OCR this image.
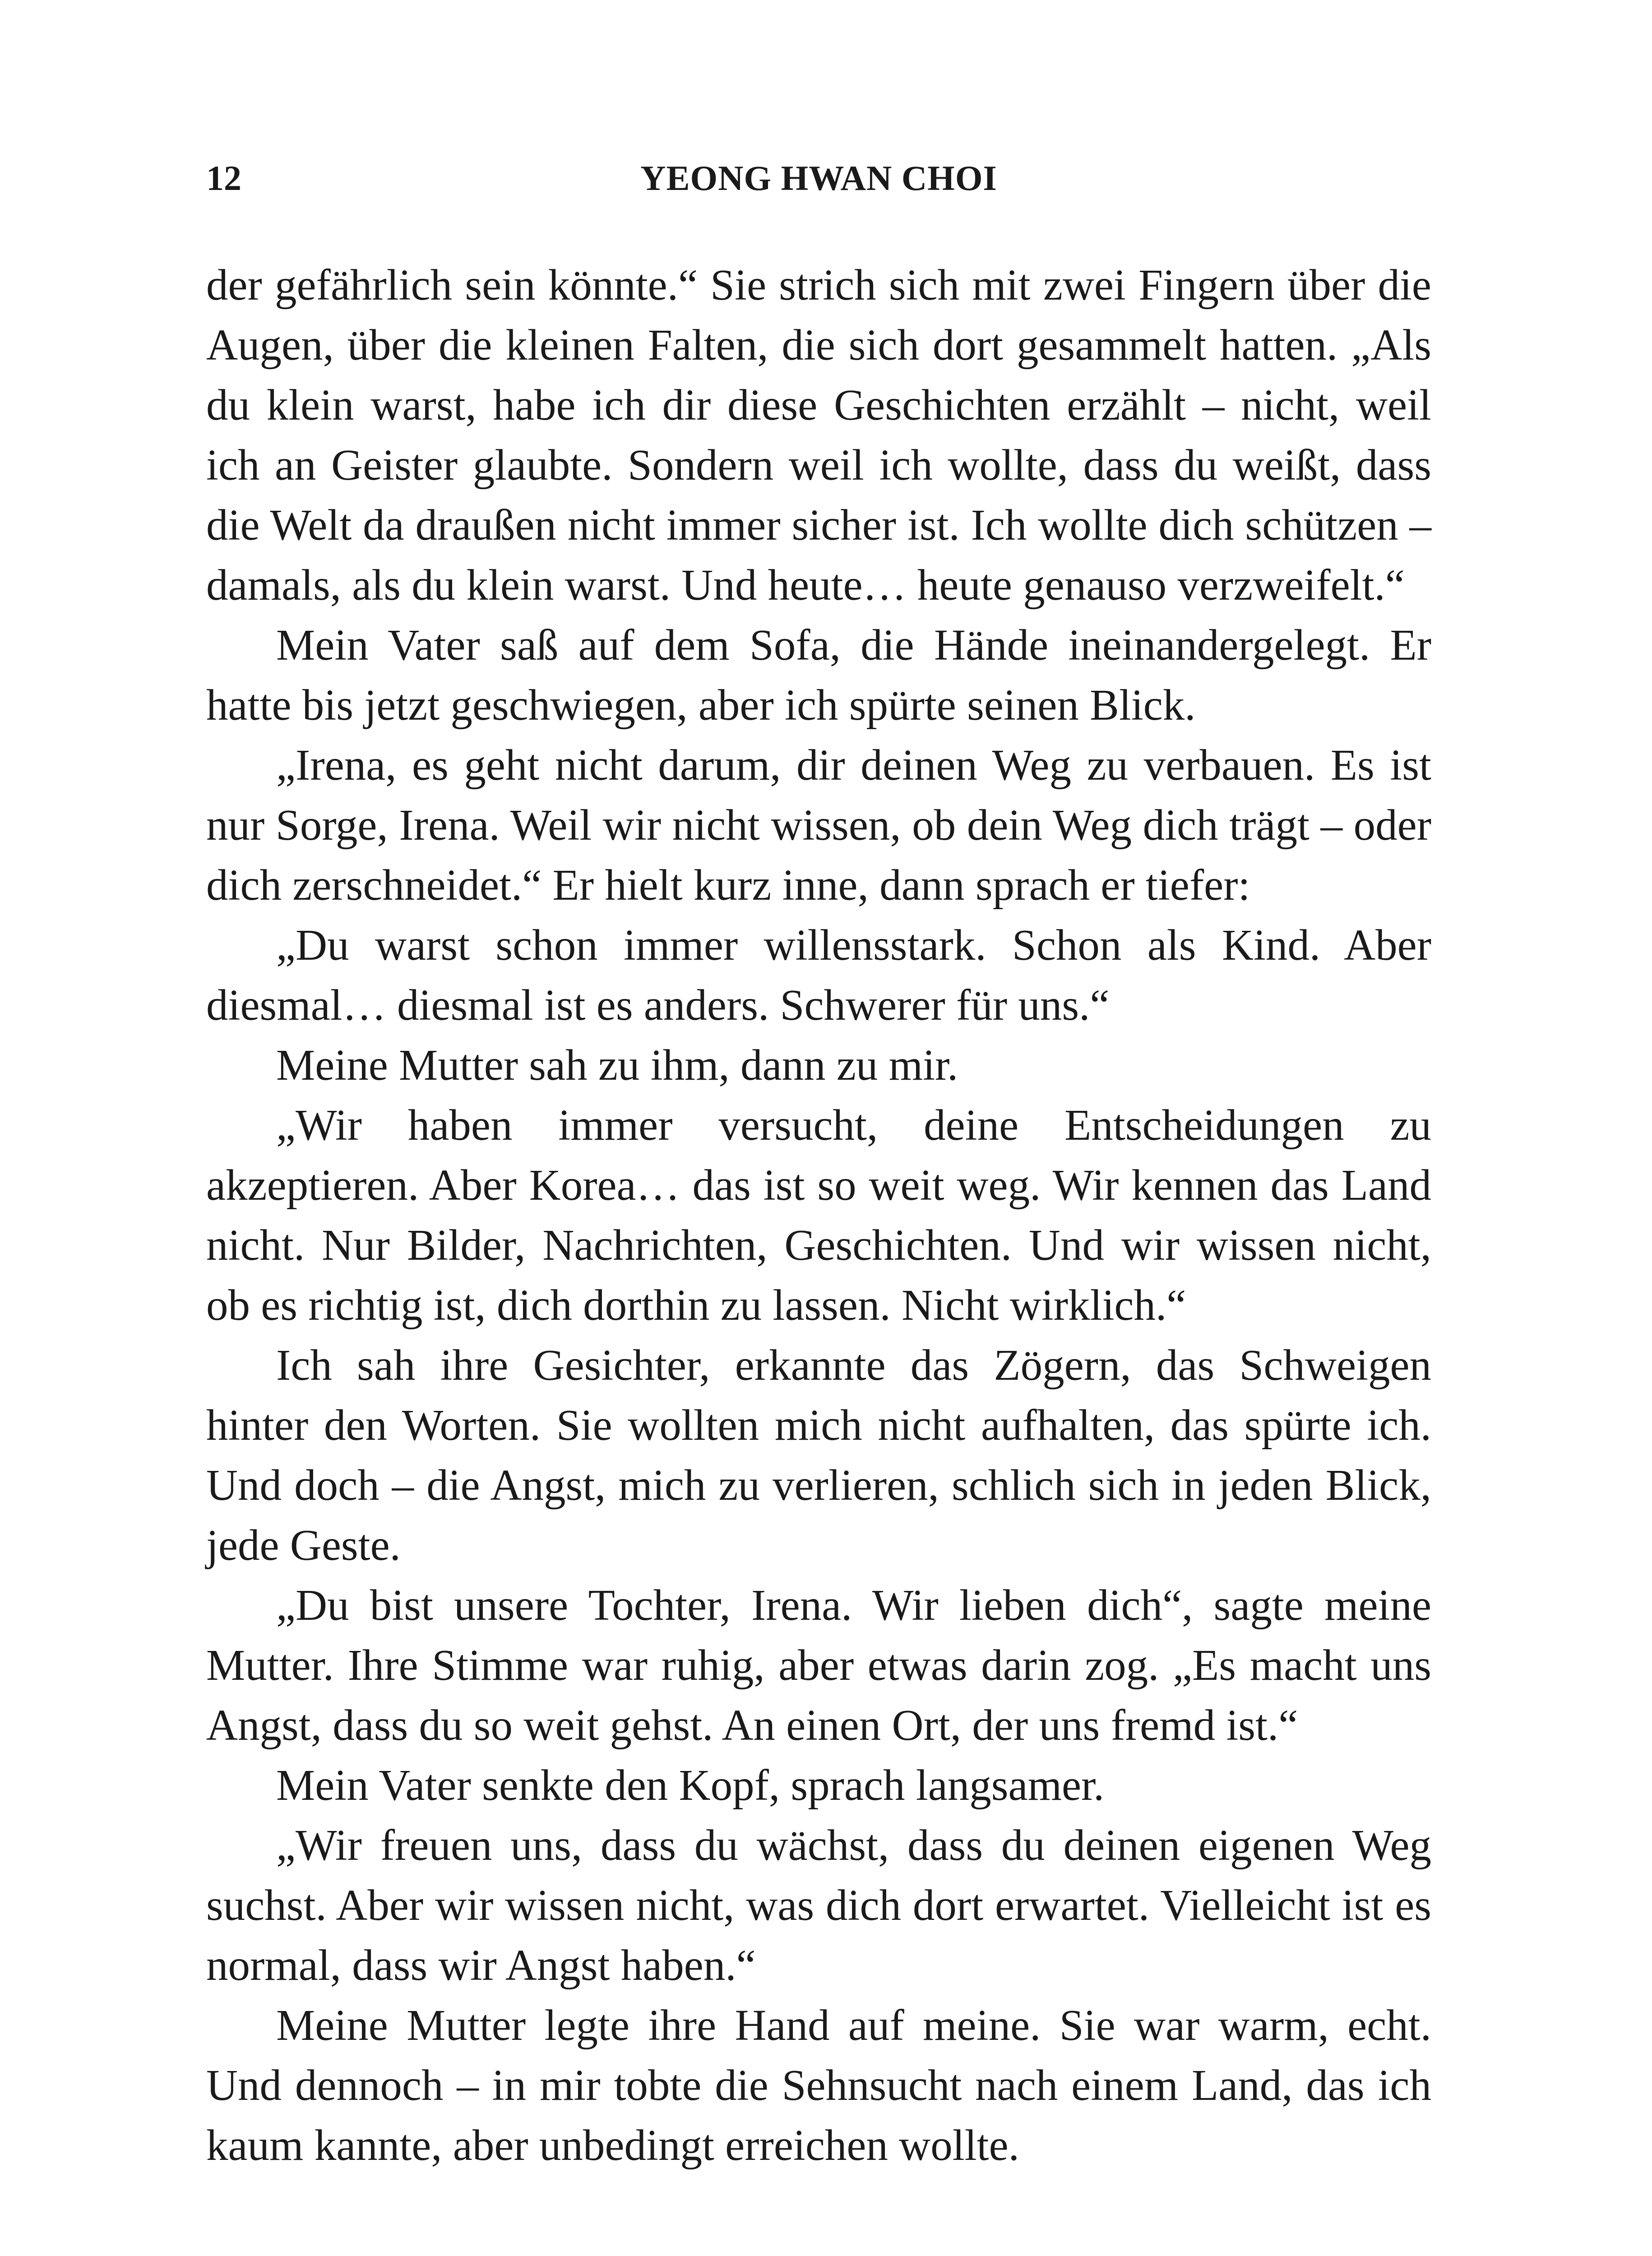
12	YEONG HWAN CHOI

der gefährlich sein könnte.“ Sie strich sich mit zwei Fingern über die Augen, über die kleinen Falten, die sich dort gesammelt hatten. „Als du klein warst, habe ich dir diese Geschichten erzählt – nicht, weil ich an Geister glaubte. Sondern weil ich wollte, dass du weißt, dass die Welt da draußen nicht immer sicher ist. Ich wollte dich schützen – damals, als du klein warst. Und heute… heute genauso verzweifelt.“

Mein Vater saß auf dem Sofa, die Hände ineinandergelegt. Er hatte bis jetzt geschwiegen, aber ich spürte seinen Blick.

„Irena, es geht nicht darum, dir deinen Weg zu verbauen. Es ist nur Sorge, Irena. Weil wir nicht wissen, ob dein Weg dich trägt – oder dich zerschneidet.“ Er hielt kurz inne, dann sprach er tiefer:

„Du warst schon immer willensstark. Schon als Kind. Aber diesmal… diesmal ist es anders. Schwerer für uns.“

Meine Mutter sah zu ihm, dann zu mir.

„Wir haben immer versucht, deine Entscheidungen zu akzeptieren. Aber Korea… das ist so weit weg. Wir kennen das Land nicht. Nur Bilder, Nachrichten, Geschichten. Und wir wissen nicht, ob es richtig ist, dich dorthin zu lassen. Nicht wirklich.“

Ich sah ihre Gesichter, erkannte das Zögern, das Schweigen hinter den Worten. Sie wollten mich nicht aufhalten, das spürte ich. Und doch – die Angst, mich zu verlieren, schlich sich in jeden Blick, jede Geste.

„Du bist unsere Tochter, Irena. Wir lieben dich“, sagte meine Mutter. Ihre Stimme war ruhig, aber etwas darin zog. „Es macht uns Angst, dass du so weit gehst. An einen Ort, der uns fremd ist.“

Mein Vater senkte den Kopf, sprach langsamer.

„Wir freuen uns, dass du wächst, dass du deinen eigenen Weg suchst. Aber wir wissen nicht, was dich dort erwartet. Vielleicht ist es normal, dass wir Angst haben.“

Meine Mutter legte ihre Hand auf meine. Sie war warm, echt. Und dennoch – in mir tobte die Sehnsucht nach einem Land, das ich kaum kannte, aber unbedingt erreichen wollte.
